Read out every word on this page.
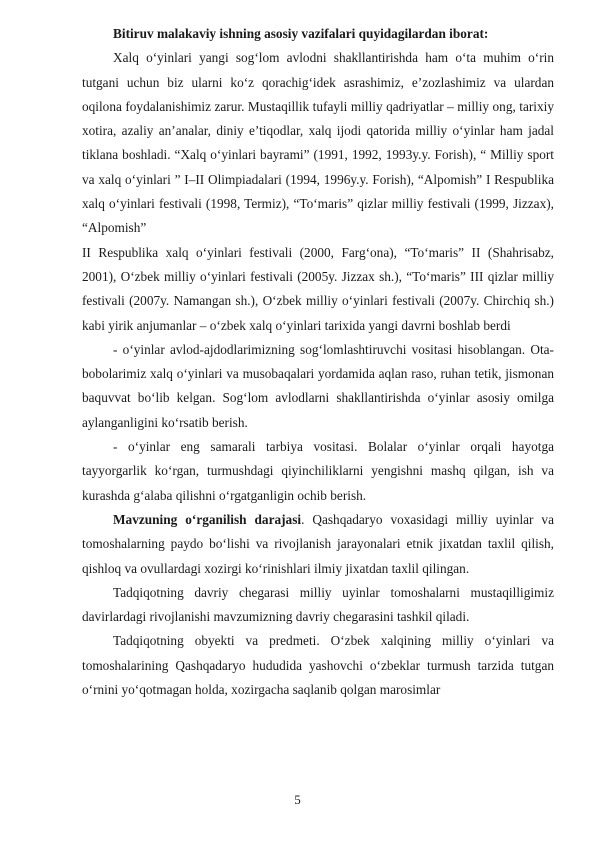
Bitiruv malakaviy ishning asosiy vazifalari quyidagilardan iborat:

Xalq o‘yinlari yangi sog‘lom avlodni shakllantirishda ham o‘ta muhim o‘rin tutgani uchun biz ularni ko‘z qorachig‘idek asrashimiz, e’zozlashimiz va ulardan oqilona foydalanishimiz zarur. Mustaqillik tufayli milliy qadriyatlar – milliy ong, tarixiy xotira, azaliy an’analar, diniy e’tiqodlar, xalq ijodi qatorida milliy o‘yinlar ham jadal tiklana boshladi. “Xalq o‘yinlari bayrami” (1991, 1992, 1993y.y. Forish), “ Milliy sport va xalq o‘yinlari ” I–II Olimpiadalari (1994, 1996y.y. Forish), “Alpomish” I Respublika xalq o‘yinlari festivali (1998, Termiz), “To‘maris” qizlar milliy festivali (1999, Jizzax), “Alpomish”

II Respublika xalq o‘yinlari festivali (2000, Farg‘ona), “To‘maris” II (Shahrisabz, 2001), O‘zbek milliy o‘yinlari festivali (2005y. Jizzax sh.), “To‘maris” III qizlar milliy festivali (2007y. Namangan sh.), O‘zbek milliy o‘yinlari festivali (2007y. Chirchiq sh.) kabi yirik anjumanlar – o‘zbek xalq o‘yinlari tarixida yangi davrni boshlab berdi

- o‘yinlar avlod-ajdodlarimizning sog‘lomlashtiruvchi vositasi hisoblangan. Ota-bobolarimiz xalq o‘yinlari va musobaqalari yordamida aqlan raso, ruhan tetik, jismonan baquvvat bo‘lib kelgan. Sog‘lom avlodlarni shakllantirishda o‘yinlar asosiy omilga aylanganligini ko‘rsatib berish.

- o‘yinlar eng samarali tarbiya vositasi. Bolalar o‘yinlar orqali hayotga tayyorgarlik ko‘rgan, turmushdagi qiyinchiliklarni yengishni mashq qilgan, ish va kurashda g‘alaba qilishni o‘rgatganligin ochib berish.

Mavzuning o‘rganilish darajasi. Qashqadaryo voxasidagi milliy uyinlar va tomoshalarning paydo bo‘lishi va rivojlanish jarayonalari etnik jixatdan taxlil qilish, qishloq va ovullardagi xozirgi ko‘rinishlari ilmiy jixatdan taxlil qilingan.

Tadqiqotning davriy chegarasi milliy uyinlar tomoshalarni mustaqilligimiz davirlardagi rivojlanishi mavzumizning davriy chegarasini tashkil qiladi.

Tadqiqotning obyekti va predmeti. O‘zbek xalqining milliy o‘yinlari va tomoshalarining Qashqadaryo hududida yashovchi o‘zbeklar turmush tarzida tutgan o‘rnini yo‘qotmagan holda, xozirgacha saqlanib qolgan marosimlar

5
